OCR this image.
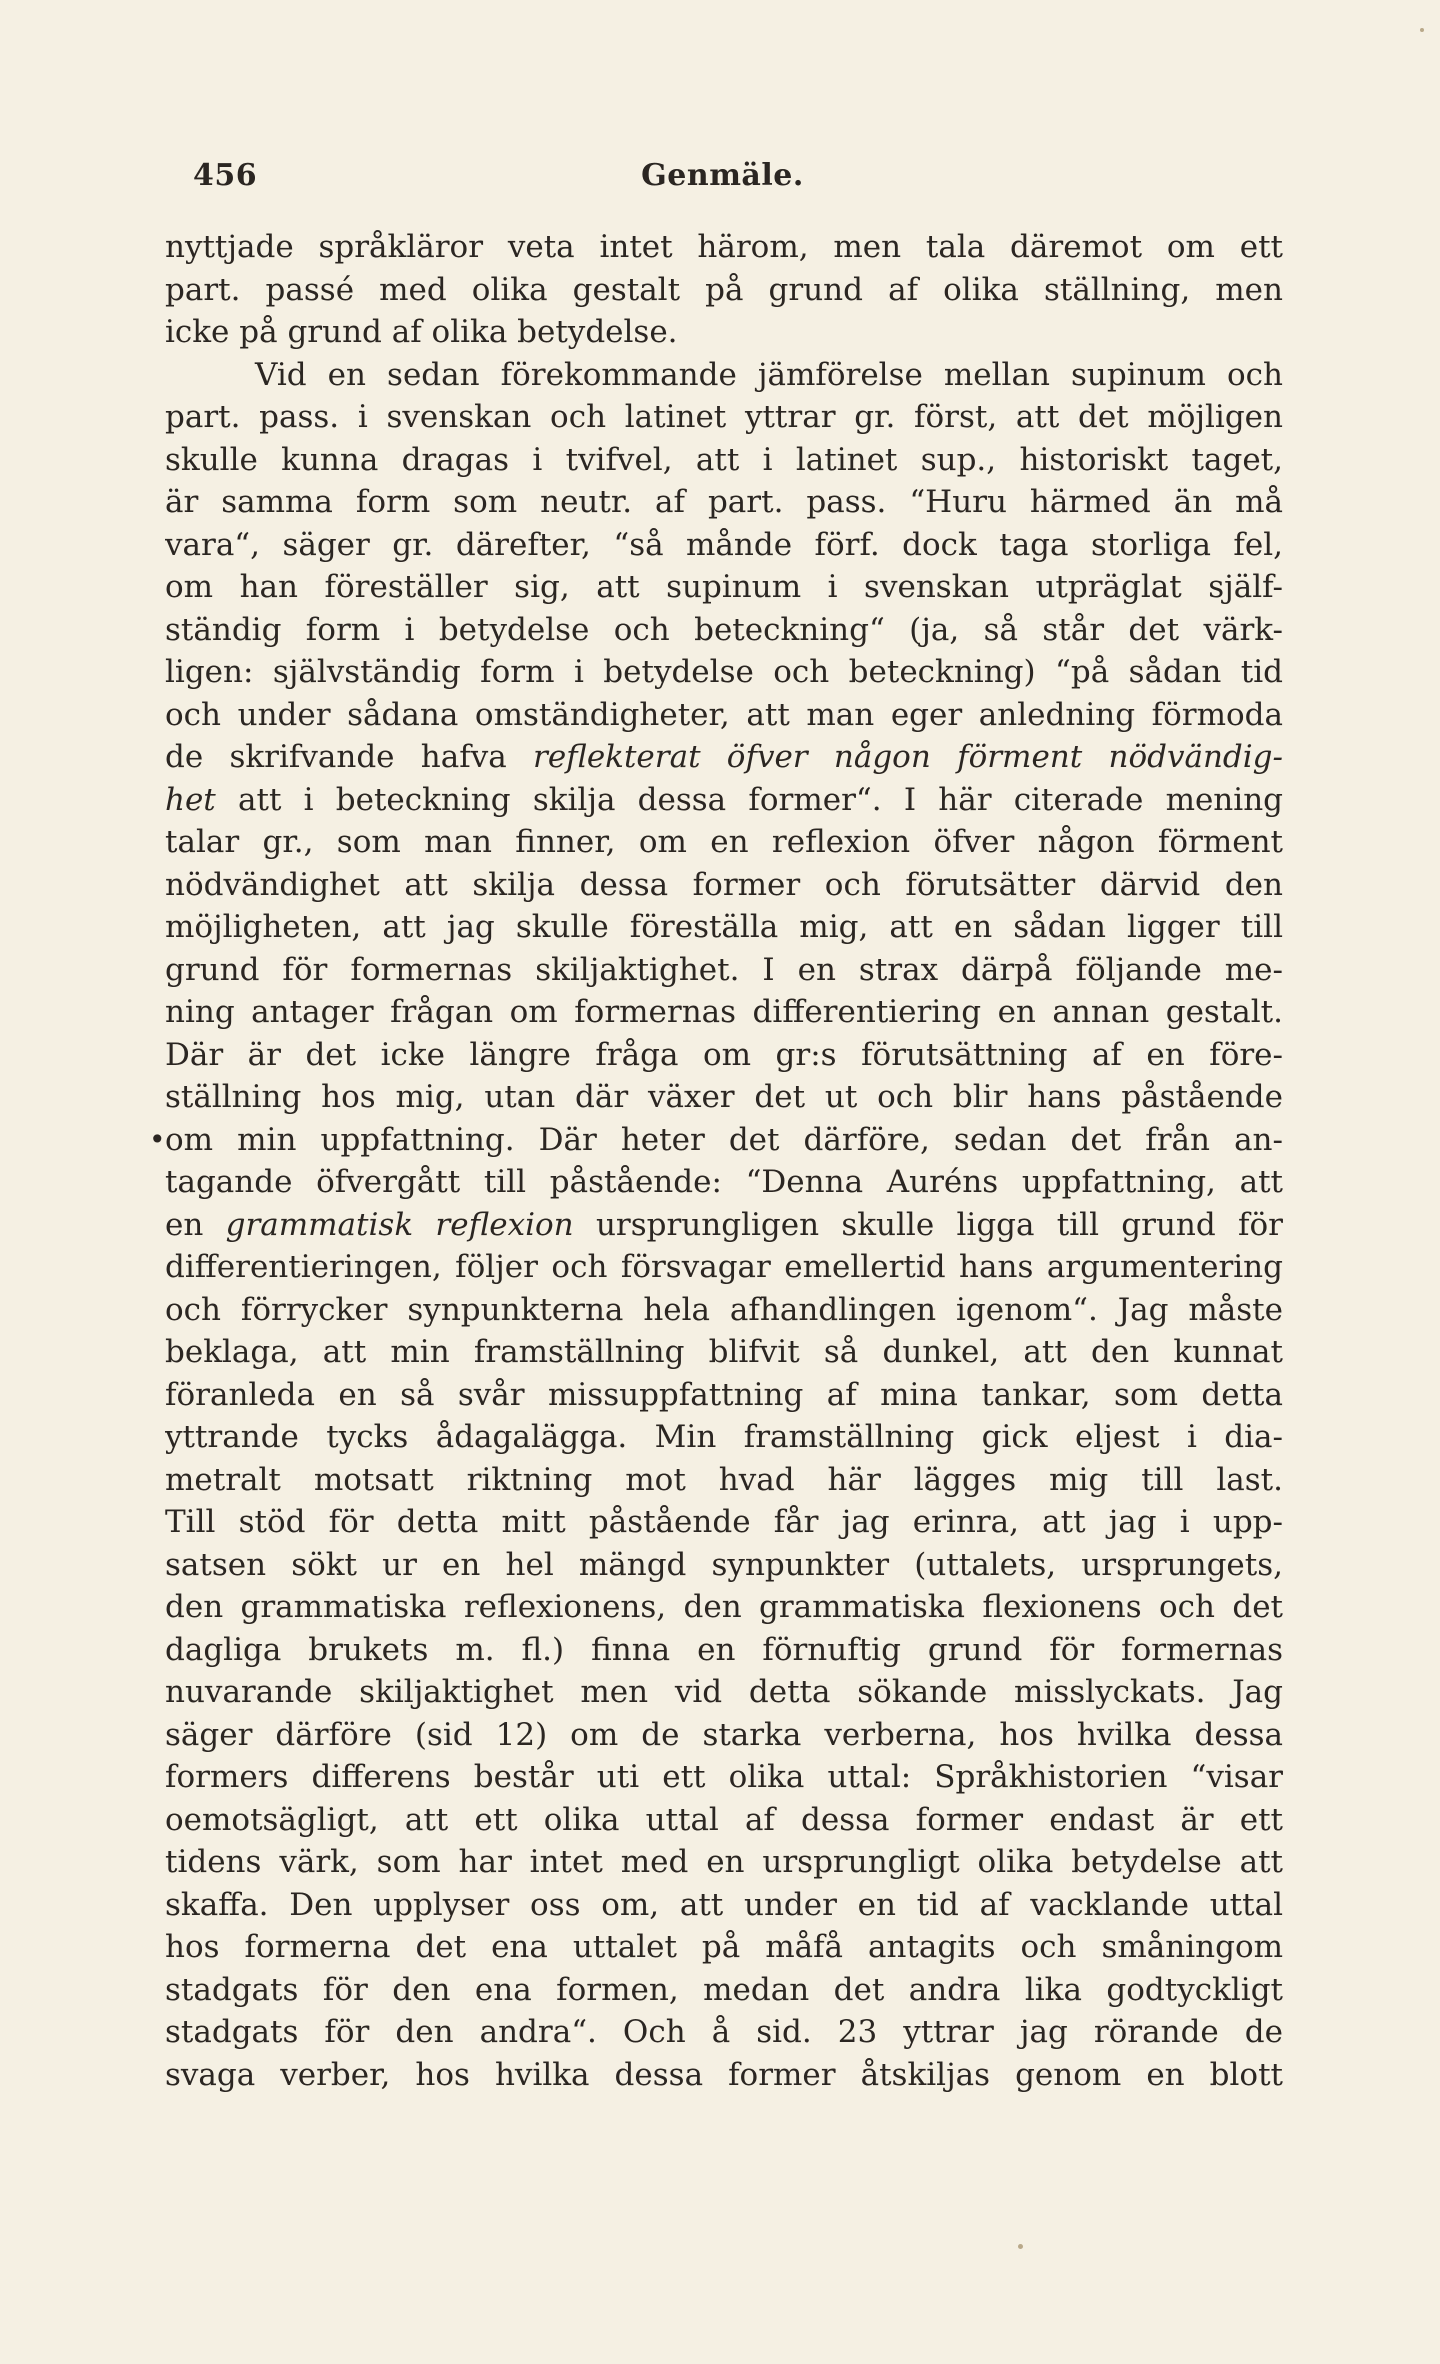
456	Genmäle.
nyttjade språkläror veta intet härom, men tala däremot om ett
part. passé med olika gestalt på grund af olika ställning, men
icke på grund af olika betydelse.
Vid en sedan förekommande jämförelse mellan supinum och
part. pass. i svenskan och latinet yttrar gr. först, att det möjligen
skulle kunna dragas i tvifvel, att i latinet sup., historiskt taget,
är samma form som neutr. af part. pass. “Huru härmed än må
vara“, säger gr. därefter, “så månde förf. dock taga storliga fel,
om han föreställer sig, att supinum i svenskan utpräglat själf-
ständig form i betydelse och beteckning“ (ja, så står det värk-
ligen: självständig form i betydelse och beteckning) “på sådan tid
och under sådana omständigheter, att man eger anledning förmoda
de skrifvande hafva reflekterat öfver någon förment nödvändig-
het att i beteckning skilja dessa former“. I här citerade mening
talar gr., som man finner, om en reflexion öfver någon förment
nödvändighet att skilja dessa former och förutsätter därvid den
möjligheten, att jag skulle föreställa mig, att en sådan ligger till
grund för formernas skiljaktighet. I en strax därpå följande me-
ning antager frågan om formernas differentiering en annan gestalt.
Där är det icke längre fråga om gr:s förutsättning af en före-
ställning hos mig, utan där växer det ut och blir hans påstående
• om min uppfattning. Där heter det därföre, sedan det från an-
tagande öfvergått till påstående: “Denna Auréns uppfattning, att
en grammatisk reflexion ursprungligen skulle ligga till grund för
differentieringen, följer och försvagar emellertid hans argumentering
och förrycker synpunkterna hela afhandlingen igenom“. Jag måste
beklaga, att min framställning blifvit så dunkel, att den kunnat
föranleda en så svår missuppfattning af mina tankar, som detta
yttrande tycks ådagalägga. Min framställning gick eljest i dia-
metralt motsatt riktning mot hvad här lägges mig till last.
Till stöd för detta mitt påstående får jag erinra, att jag i upp-
satsen sökt ur en hel mängd synpunkter (uttalets, ursprungets,
den grammatiska reflexionens, den grammatiska flexionens och det
dagliga brukets m. fl.) finna en förnuftig grund för formernas
nuvarande skiljaktighet men vid detta sökande misslyckats. Jag
säger därföre (sid 12) om de starka verberna, hos hvilka dessa
formers differens består uti ett olika uttal: Språkhistorien “visar
oemotsägligt, att ett olika uttal af dessa former endast är ett
tidens värk, som har intet med en ursprungligt olika betydelse att
skaffa. Den upplyser oss om, att under en tid af vacklande uttal
hos formerna det ena uttalet på måfå antagits och småningom
stadgats för den ena formen, medan det andra lika godtyckligt
stadgats för den andra“. Och å sid. 23 yttrar jag rörande de
svaga verber, hos hvilka dessa former åtskiljas genom en blott
